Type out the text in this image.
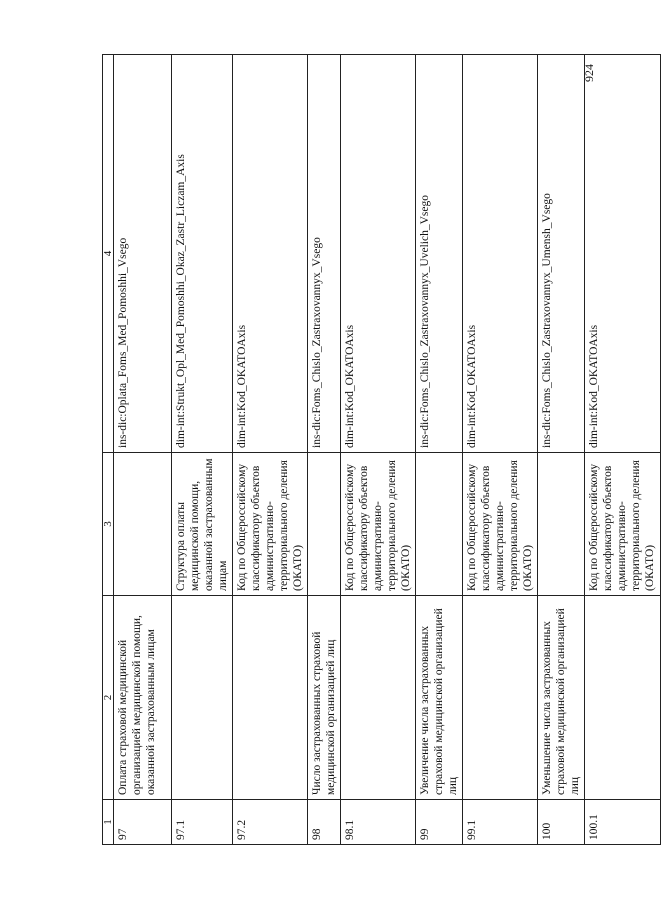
1	2	3	4
97	Оплата страховой медицинской организацией медицинской помощи, оказанной застрахованным лицам		ins-dic:Oplata_Foms_Med_Pomoshhi_Vsego
97.1		Структура оплаты медицинской помощи, оказанной застрахованным лицам	dim-int:Strukt_Opl_Med_Pomoshhi_Okaz_Zastr_Liczam_Axis
97.2		Код по Общероссийскому классификатору объектов административно-территориального деления (ОКАТО)	dim-int:Kod_OKATOAxis
98	Число застрахованных страховой медицинской организацией лиц		ins-dic:Foms_Chislo_Zastraxovannyx_Vsego
98.1		Код по Общероссийскому классификатору объектов административно-территориального деления (ОКАТО)	dim-int:Kod_OKATOAxis
99	Увеличение числа застрахованных страховой медицинской организацией лиц		ins-dic:Foms_Chislo_Zastraxovannyx_Uvelich_Vsego
99.1		Код по Общероссийскому классификатору объектов административно-территориального деления (ОКАТО)	dim-int:Kod_OKATOAxis
100	Уменьшение числа застрахованных страховой медицинской организацией лиц		ins-dic:Foms_Chislo_Zastraxovannyx_Umensh_Vsego
100.1		Код по Общероссийскому классификатору объектов административно-территориального деления (ОКАТО)	dim-int:Kod_OKATOAxis
924
